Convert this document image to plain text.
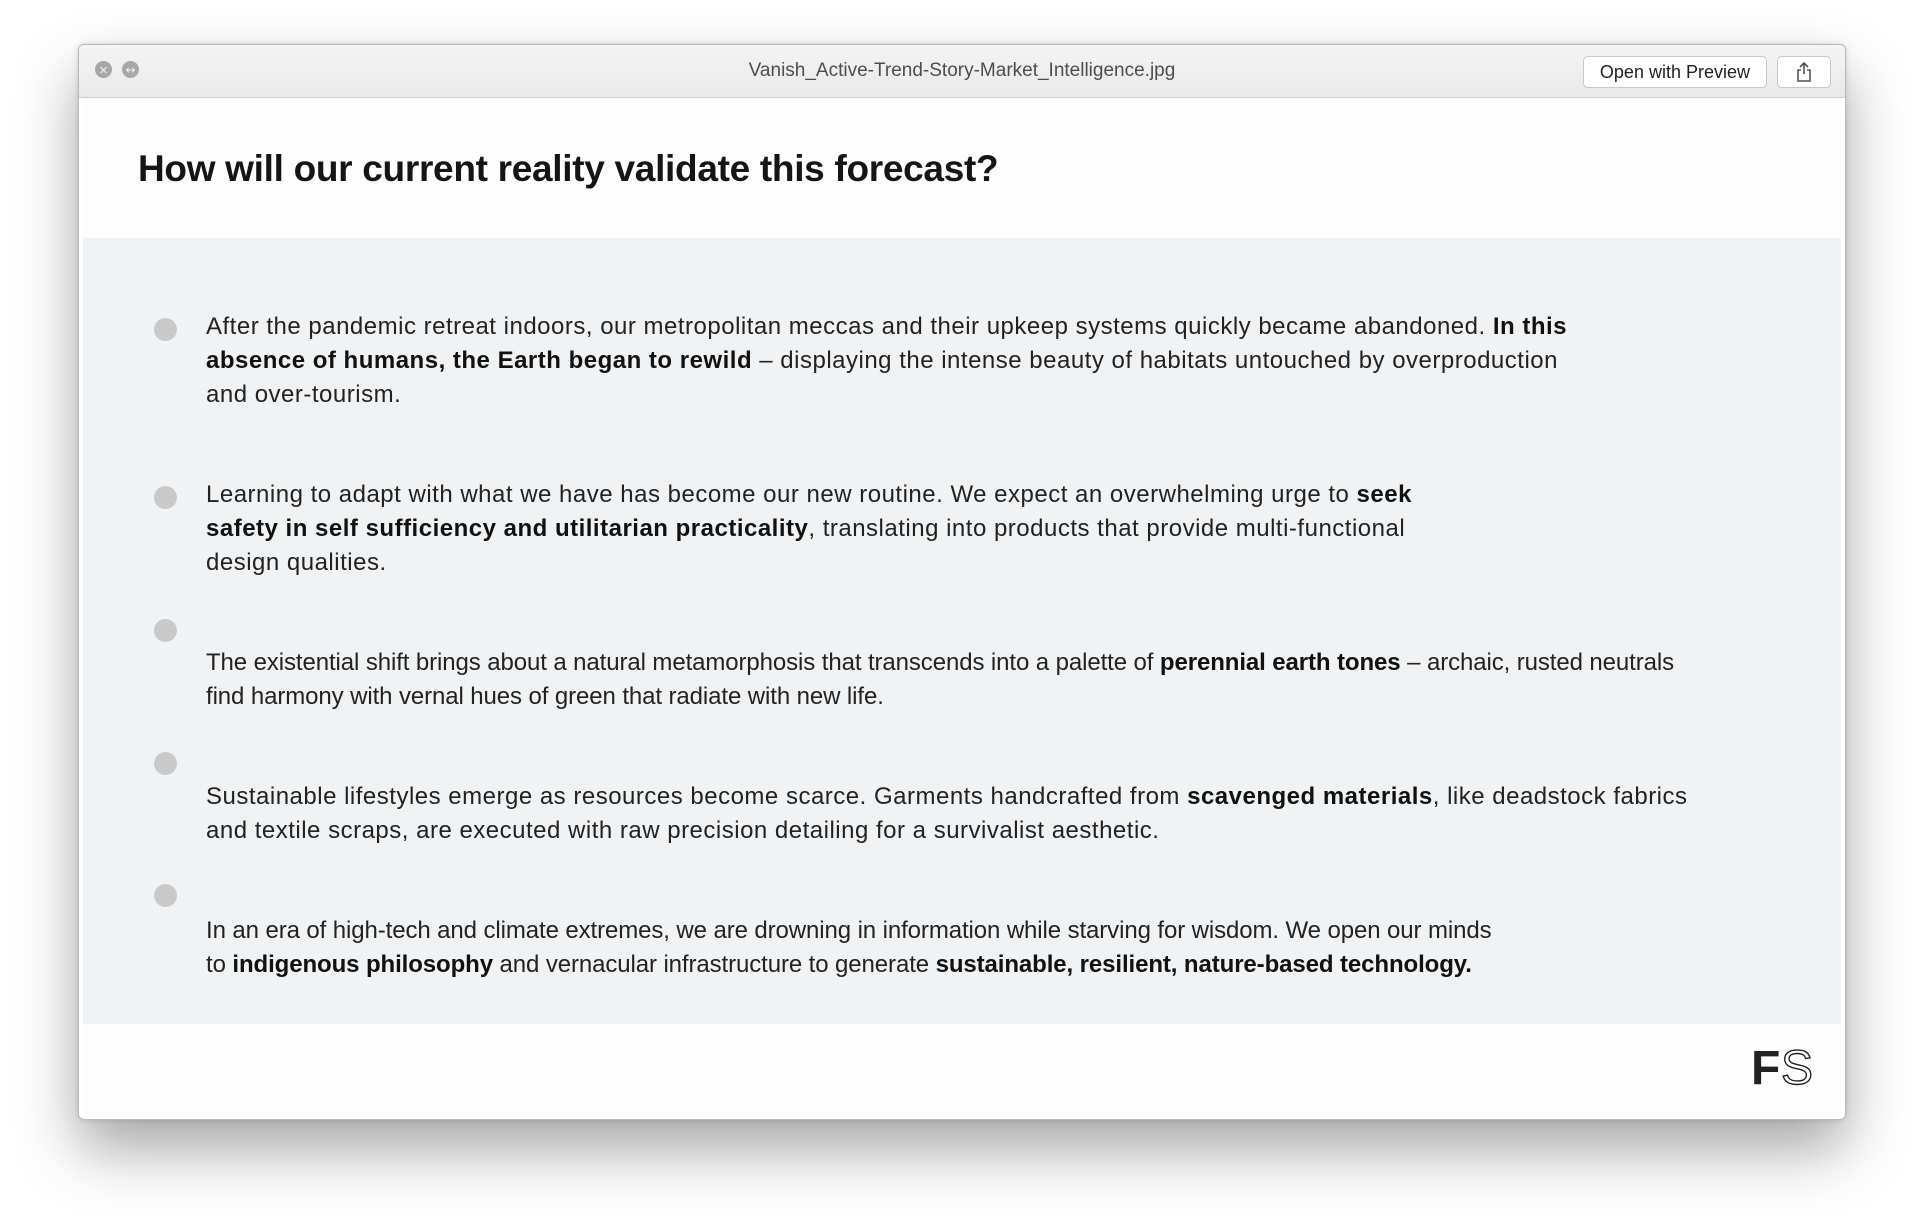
× ↔	Vanish_Active-Trend-Story-Market_Intelligence.jpg	Open with Preview
How will our current reality validate this forecast?

After the pandemic retreat indoors, our metropolitan meccas and their upkeep systems quickly became abandoned. In this absence of humans, the Earth began to rewild – displaying the intense beauty of habitats untouched by overproduction and over-tourism.

Learning to adapt with what we have has become our new routine. We expect an overwhelming urge to seek safety in self sufficiency and utilitarian practicality, translating into products that provide multi-functional design qualities.

The existential shift brings about a natural metamorphosis that transcends into a palette of perennial earth tones – archaic, rusted neutrals find harmony with vernal hues of green that radiate with new life.

Sustainable lifestyles emerge as resources become scarce. Garments handcrafted from scavenged materials, like deadstock fabrics and textile scraps, are executed with raw precision detailing for a survivalist aesthetic.

In an era of high-tech and climate extremes, we are drowning in information while starving for wisdom. We open our minds to indigenous philosophy and vernacular infrastructure to generate sustainable, resilient, nature-based technology.

F S
